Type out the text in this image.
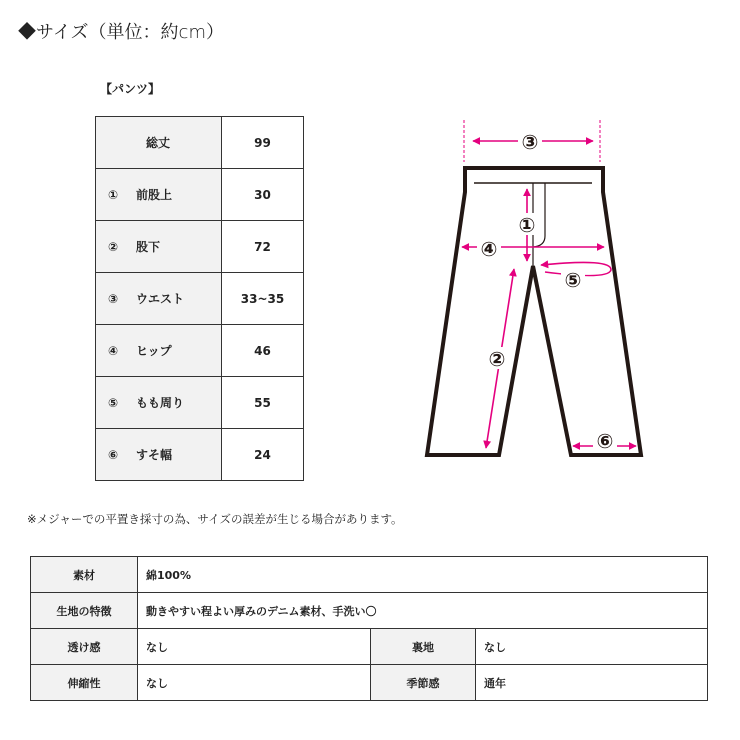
◆サイズ（単位：約cm）
【パンツ】
総丈	99
① 前股上	30
② 股下	72
③ ウエスト	33~35
④ ヒップ	46
⑤ もも周り	55
⑥ すそ幅	24
③
①
④
⑤
②
⑥
※メジャーでの平置き採寸の為、サイズの誤差が生じる場合があります。
素材	綿100%		
生地の特徴	動きやすい程よい厚みのデニム素材、手洗い〇		
透け感	なし	裏地	なし
伸縮性	なし	季節感	通年
